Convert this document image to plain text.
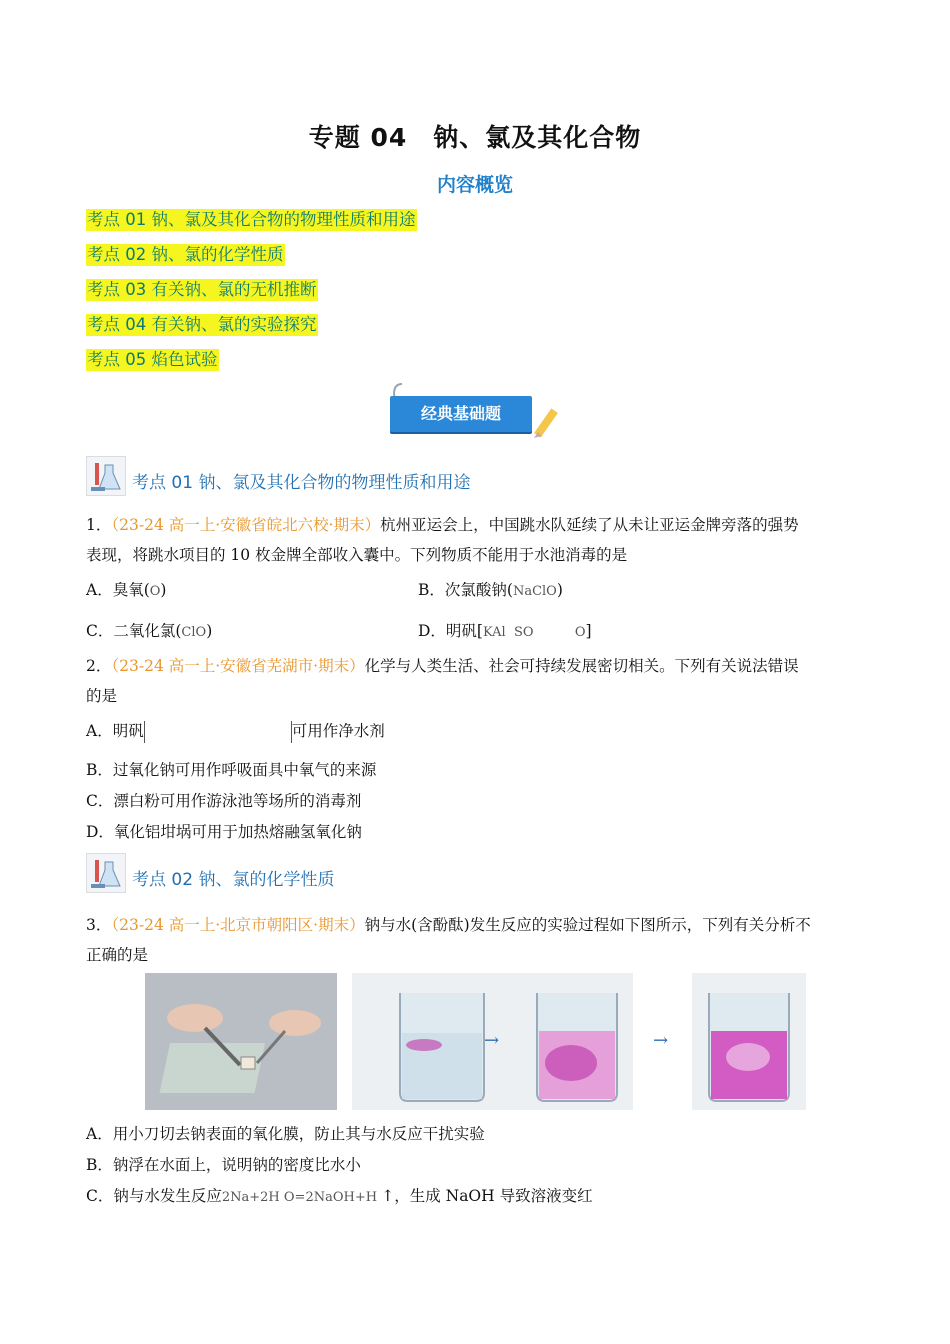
专题 04　钠、氯及其化合物
内容概览
考点 01 钠、氯及其化合物的物理性质和用途
考点 02 钠、氯的化学性质
考点 03 有关钠、氯的无机推断
考点 04 有关钠、氯的实验探究
考点 05 焰色试验
经典基础题
考点 01 钠、氯及其化合物的物理性质和用途
1．（23-24 高一上·安徽省皖北六校·期末）杭州亚运会上，中国跳水队延续了从未让亚运金牌旁落的强势
表现，将跳水项目的 10 枚金牌全部收入囊中。下列物质不能用于水池消毒的是
A．臭氧(O)	B．次氯酸钠(NaClO)
C．二氧化氯(ClO)	D．明矾[KAl  SO          O]
2．（23-24 高一上·安徽省芜湖市·期末）化学与人类生活、社会可持续发展密切相关。下列有关说法错误
的是
A．明矾	可用作净水剂
B．过氧化钠可用作呼吸面具中氧气的来源
C．漂白粉可用作游泳池等场所的消毒剂
D．氧化铝坩埚可用于加热熔融氢氧化钠
考点 02 钠、氯的化学性质
3．（23-24 高一上·北京市朝阳区·期末）钠与水(含酚酞)发生反应的实验过程如下图所示，下列有关分析不
正确的是
→	→
A．用小刀切去钠表面的氧化膜，防止其与水反应干扰实验
B．钠浮在水面上，说明钠的密度比水小
C．钠与水发生反应2Na+2H O=2NaOH+H ↑，生成 NaOH 导致溶液变红
